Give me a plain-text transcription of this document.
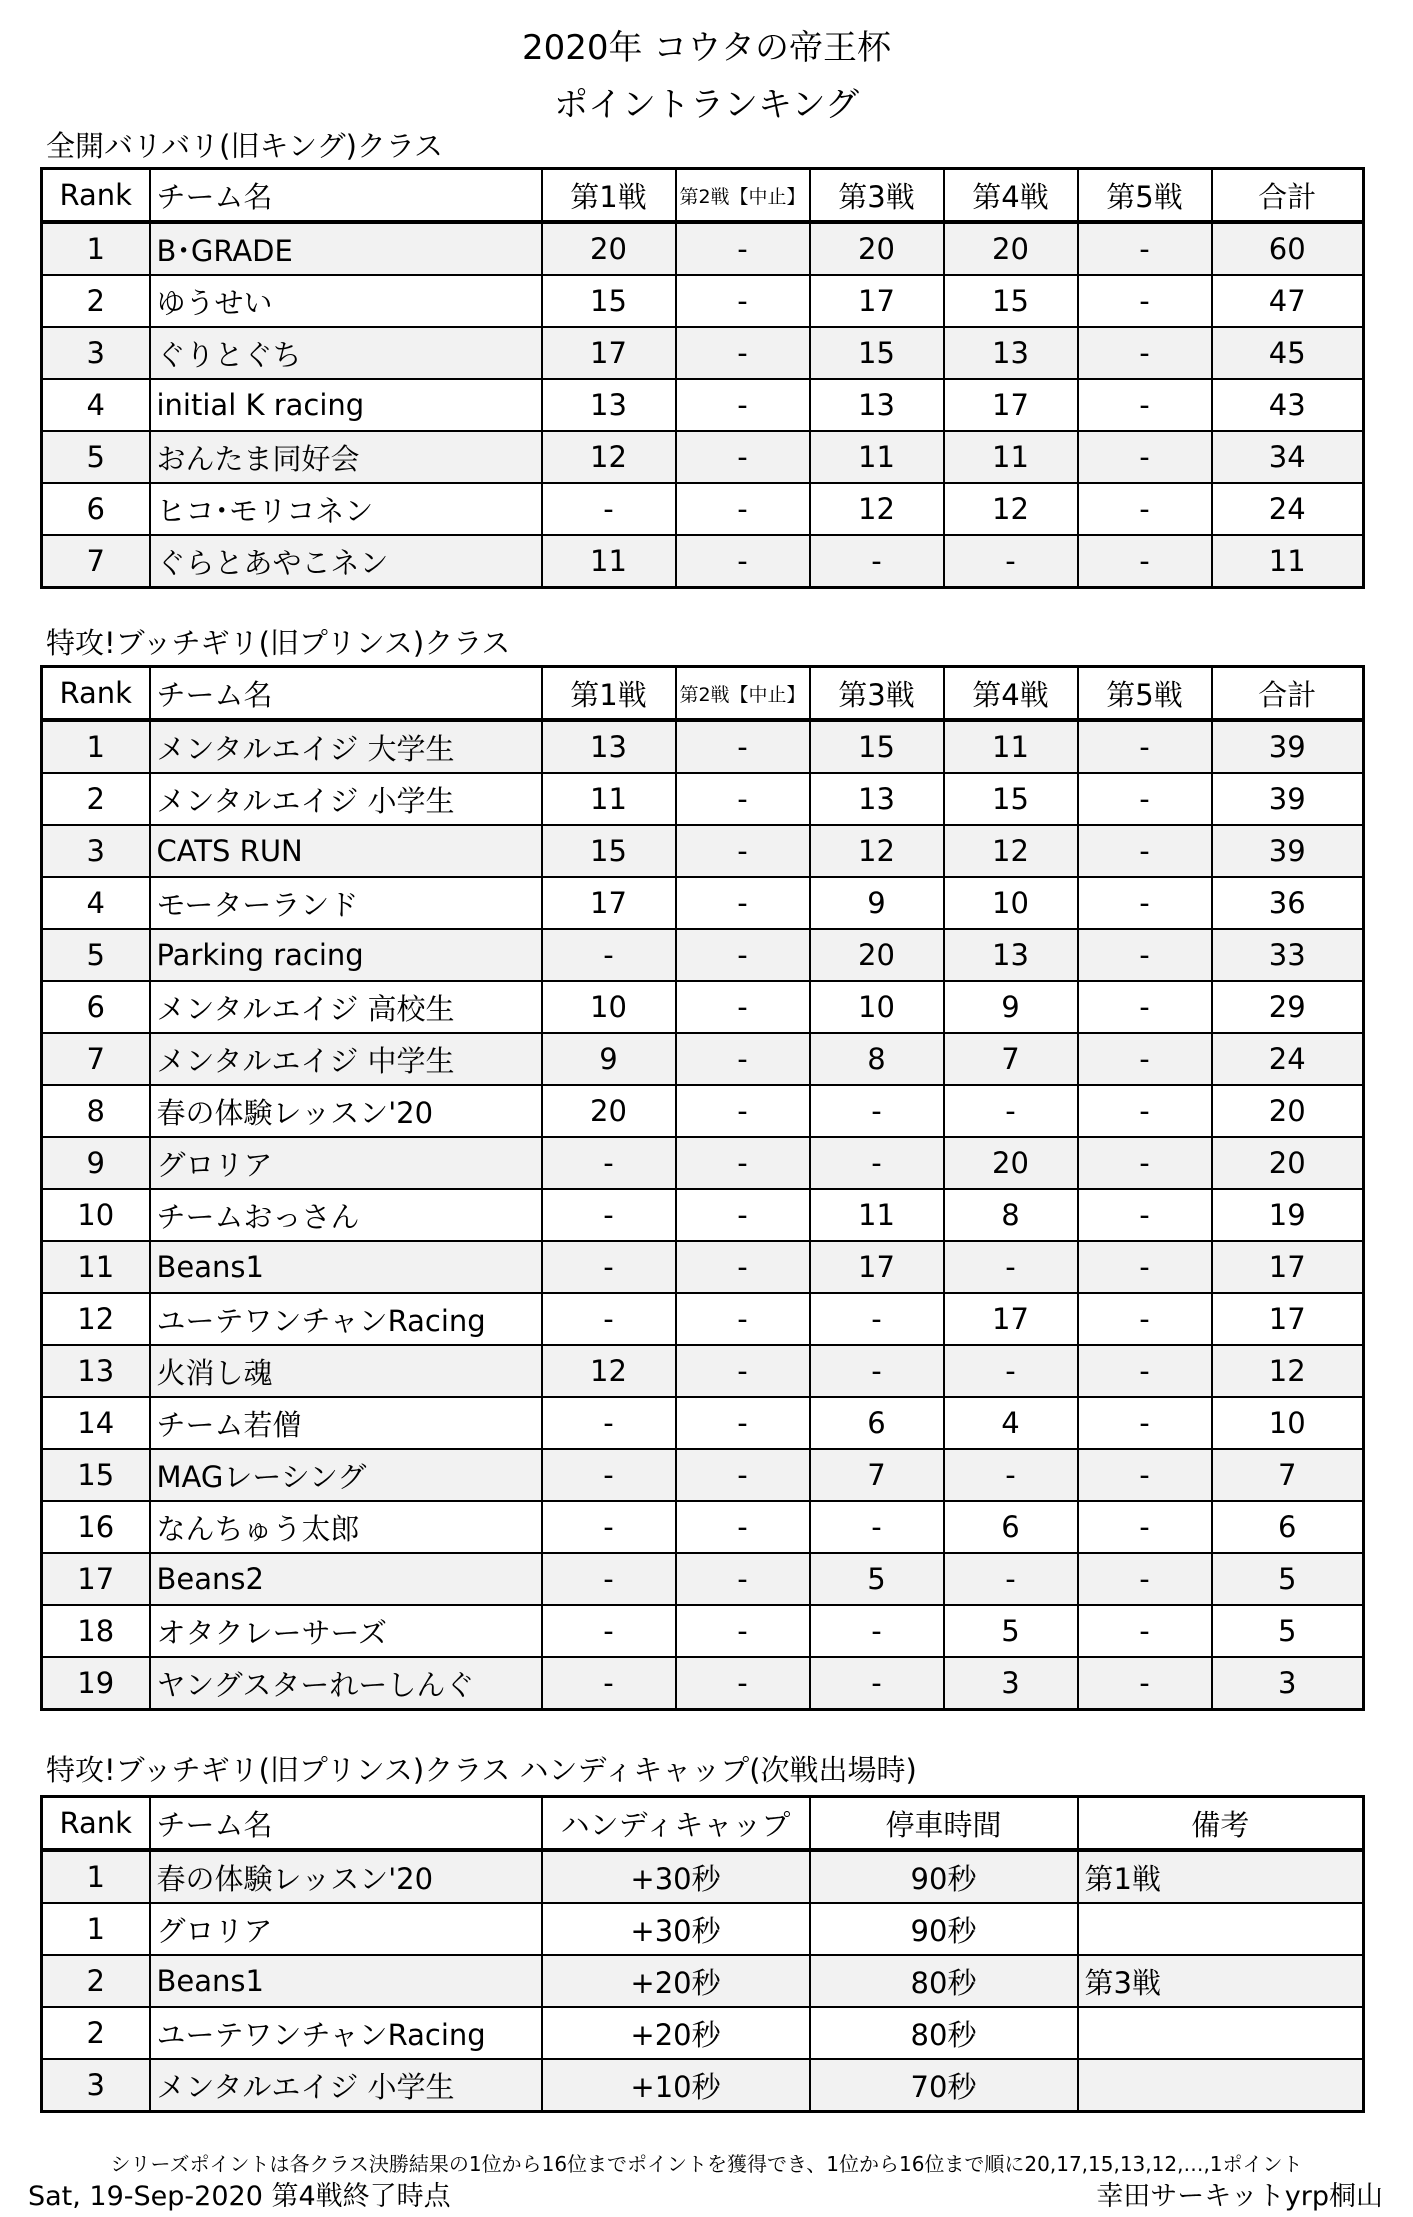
2020年 コウタの帝王杯
ポイントランキング
全開バリバリ(旧キング)クラス
Rank	チーム名	第1戦	第2戦【中止】	第3戦	第4戦	第5戦	合計
1	B･GRADE	20	-	20	20	-	60
2	ゆうせい	15	-	17	15	-	47
3	ぐりとぐち	17	-	15	13	-	45
4	initial K racing	13	-	13	17	-	43
5	おんたま同好会	12	-	11	11	-	34
6	ヒコ･モリコネン	-	-	12	12	-	24
7	ぐらとあやこネン	11	-	-	-	-	11
特攻!ブッチギリ(旧プリンス)クラス
Rank	チーム名	第1戦	第2戦【中止】	第3戦	第4戦	第5戦	合計
1	メンタルエイジ 大学生	13	-	15	11	-	39
2	メンタルエイジ 小学生	11	-	13	15	-	39
3	CATS RUN	15	-	12	12	-	39
4	モーターランド	17	-	9	10	-	36
5	Parking racing	-	-	20	13	-	33
6	メンタルエイジ 高校生	10	-	10	9	-	29
7	メンタルエイジ 中学生	9	-	8	7	-	24
8	春の体験レッスン'20	20	-	-	-	-	20
9	グロリア	-	-	-	20	-	20
10	チームおっさん	-	-	11	8	-	19
11	Beans1	-	-	17	-	-	17
12	ユーテワンチャンRacing	-	-	-	17	-	17
13	火消し魂	12	-	-	-	-	12
14	チーム若僧	-	-	6	4	-	10
15	MAGレーシング	-	-	7	-	-	7
16	なんちゅう太郎	-	-	-	6	-	6
17	Beans2	-	-	5	-	-	5
18	オタクレーサーズ	-	-	-	5	-	5
19	ヤングスターれーしんぐ	-	-	-	3	-	3
特攻!ブッチギリ(旧プリンス)クラス ハンディキャップ(次戦出場時)
Rank	チーム名	ハンディキャップ	停車時間	備考
1	春の体験レッスン'20	+30秒	90秒	第1戦
1	グロリア	+30秒	90秒	
2	Beans1	+20秒	80秒	第3戦
2	ユーテワンチャンRacing	+20秒	80秒	
3	メンタルエイジ 小学生	+10秒	70秒	
シリーズポイントは各クラス決勝結果の1位から16位までポイントを獲得でき、1位から16位まで順に20,17,15,13,12,…,1ポイント
Sat, 19-Sep-2020 第4戦終了時点	幸田サーキットyrp桐山
